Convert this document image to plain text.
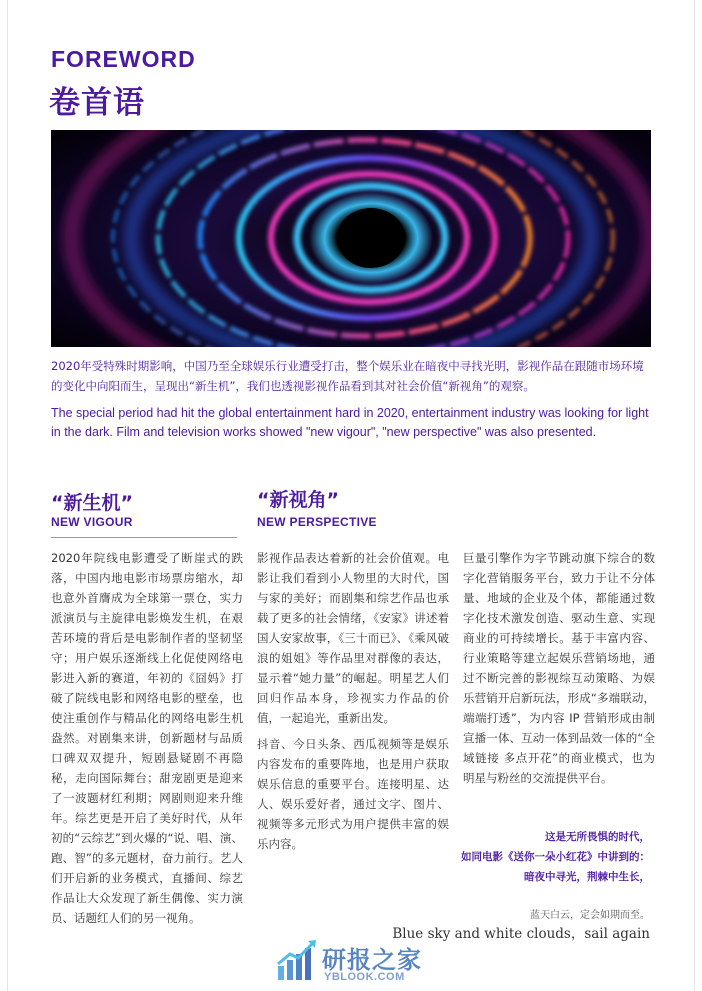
FOREWORD
卷首语

2020年受特殊时期影响，中国乃至全球娱乐行业遭受打击，整个娱乐业在暗夜中寻找光明，影视作品在跟随市场环境的变化中向阳而生，呈现出“新生机”，我们也透视影视作品看到其对社会价值“新视角”的观察。

The special period had hit the global entertainment hard in 2020, entertainment industry was looking for light in the dark. Film and television works showed "new vigour", "new perspective" was also presented.

“新生机”
NEW VIGOUR
“新视角”
NEW PERSPECTIVE

2020年院线电影遭受了断崖式的跌落，中国内地电影市场票房缩水，却也意外首膺成为全球第一票仓，实力派演员与主旋律电影焕发生机，在艰苦环境的背后是电影制作者的坚韧坚守；用户娱乐逐渐线上化促使网络电影进入新的赛道，年初的《囧妈》打破了院线电影和网络电影的壁垒，也使注重创作与精品化的网络电影生机盎然。对剧集来讲，创新题材与品质口碑双双提升，短剧悬疑剧不再隐秘，走向国际舞台；甜宠剧更是迎来了一波题材红利期；网剧则迎来升维年。综艺更是开启了美好时代，从年初的“云综艺”到火爆的“说、唱、演、跑、智”的多元题材，奋力前行。艺人们开启新的业务模式，直播间、综艺作品让大众发现了新生偶像、实力演员、话题红人们的另一视角。

影视作品表达着新的社会价值观。电影让我们看到小人物里的大时代，国与家的美好；而剧集和综艺作品也承载了更多的社会情绪，《安家》讲述着国人安家故事，《三十而已》、《乘风破浪的姐姐》等作品里对群像的表达，显示着“她力量”的崛起。明星艺人们回归作品本身，珍视实力作品的价值，一起追光，重新出发。

抖音、今日头条、西瓜视频等是娱乐内容发布的重要阵地，也是用户获取娱乐信息的重要平台。连接明星、达人、娱乐爱好者，通过文字、图片、视频等多元形式为用户提供丰富的娱乐内容。

巨量引擎作为字节跳动旗下综合的数字化营销服务平台，致力于让不分体量、地域的企业及个体，都能通过数字化技术激发创造、驱动生意、实现商业的可持续增长。基于丰富内容、行业策略等建立起娱乐营销场地，通过不断完善的影视综互动策略、为娱乐营销开启新玩法，形成“多端联动，端端打透”，为内容 IP 营销形成由制宣播一体、互动一体到品效一体的“全域链接 多点开花”的商业模式，也为明星与粉丝的交流提供平台。

这是无所畏惧的时代，
如同电影《送你一朵小红花》中讲到的：
暗夜中寻光，荆棘中生长，

蓝天白云，定会如期而至。

Blue sky and white clouds，sail again

研报之家
YBLOOK.COM
